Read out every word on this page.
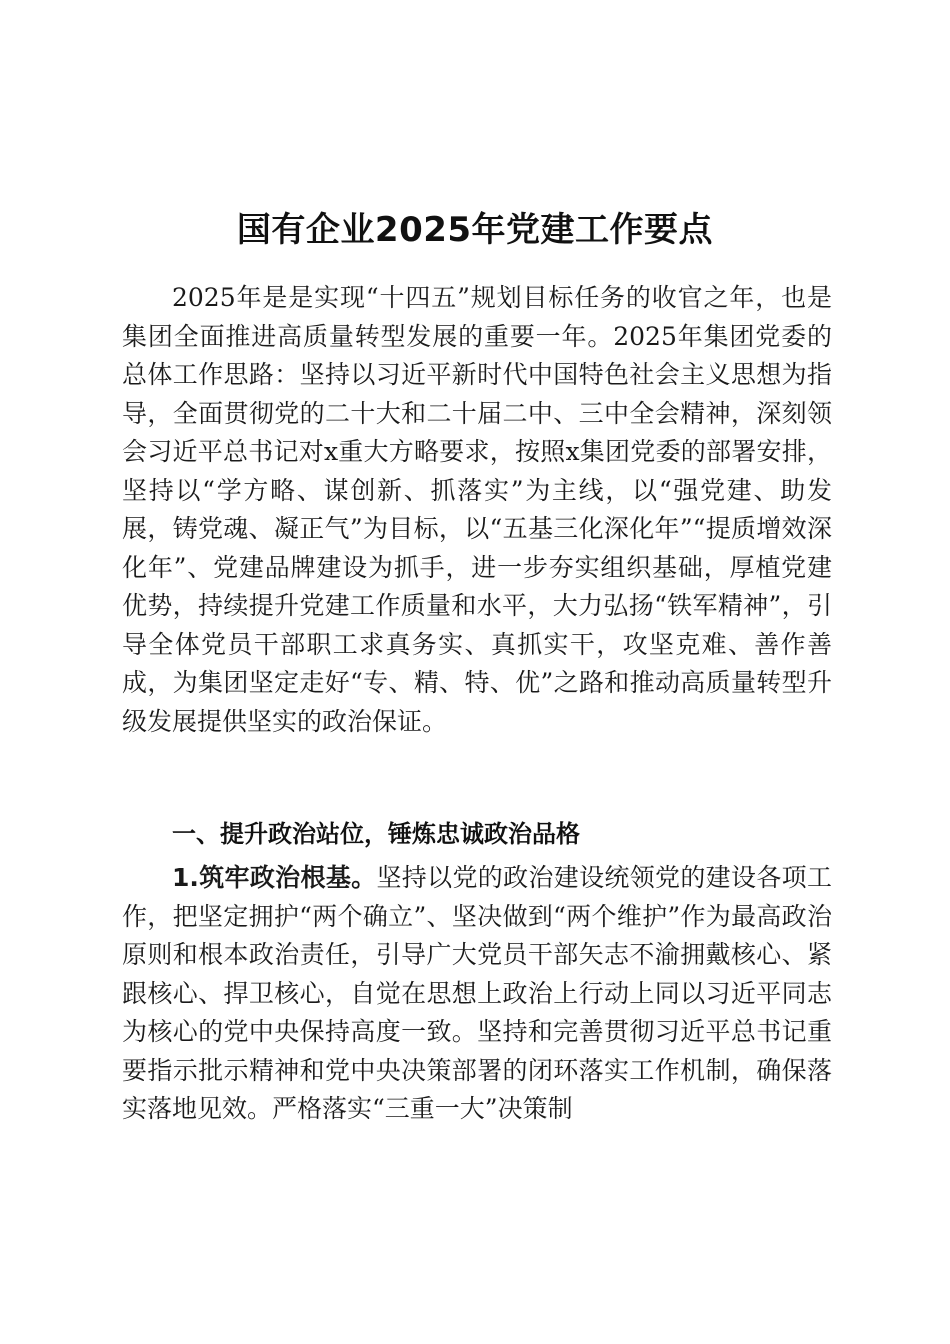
国有企业2025年党建工作要点
2025年是是实现“十四五”规划目标任务的收官之年，也是集团全面推进高质量转型发展的重要一年。2025年集团党委的总体工作思路：坚持以习近平新时代中国特色社会主义思想为指导，全面贯彻党的二十大和二十届二中、三中全会精神，深刻领会习近平总书记对x重大方略要求，按照x集团党委的部署安排，坚持以“学方略、谋创新、抓落实”为主线，以“强党建、助发展，铸党魂、凝正气”为目标，以“五基三化深化年”“提质增效深化年”、党建品牌建设为抓手，进一步夯实组织基础，厚植党建优势，持续提升党建工作质量和水平，大力弘扬“铁军精神”，引导全体党员干部职工求真务实、真抓实干，攻坚克难、善作善成，为集团坚定走好“专、精、特、优”之路和推动高质量转型升级发展提供坚实的政治保证。
一、提升政治站位，锤炼忠诚政治品格
1.筑牢政治根基。坚持以党的政治建设统领党的建设各项工作，把坚定拥护“两个确立”、坚决做到“两个维护”作为最高政治原则和根本政治责任，引导广大党员干部矢志不渝拥戴核心、紧跟核心、捍卫核心，自觉在思想上政治上行动上同以习近平同志为核心的党中央保持高度一致。坚持和完善贯彻习近平总书记重要指示批示精神和党中央决策部署的闭环落实工作机制，确保落实落地见效。严格落实“三重一大”决策制
